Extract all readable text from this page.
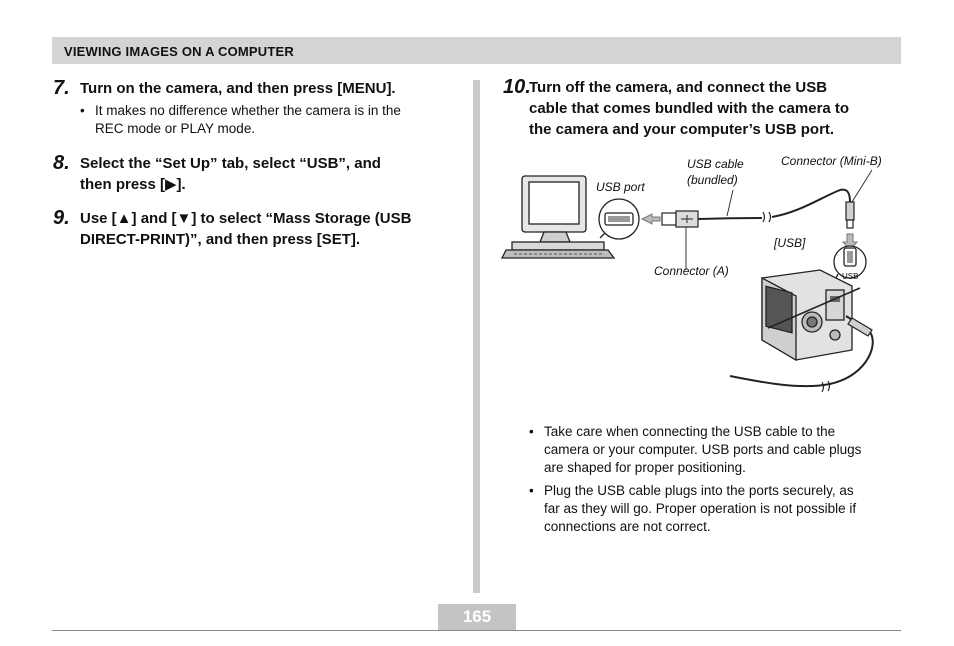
VIEWING IMAGES ON A COMPUTER
7. Turn on the camera, and then press [MENU].
• It makes no difference whether the camera is in the
REC mode or PLAY mode.
8. Select the “Set Up” tab, select “USB”, and
then press [▶].
9. Use [▲] and [▼] to select “Mass Storage (USB
DIRECT-PRINT)”, and then press [SET].
10.
Turn off the camera, and connect the USB
cable that comes bundled with the camera to
the camera and your computer’s USB port.
USB port
USB cable
(bundled)
Connector (Mini-B)
[USB]
Connector (A)	USB
• Take care when connecting the USB cable to the
camera or your computer. USB ports and cable plugs
are shaped for proper positioning.
• Plug the USB cable plugs into the ports securely, as
far as they will go. Proper operation is not possible if
connections are not correct.
165
